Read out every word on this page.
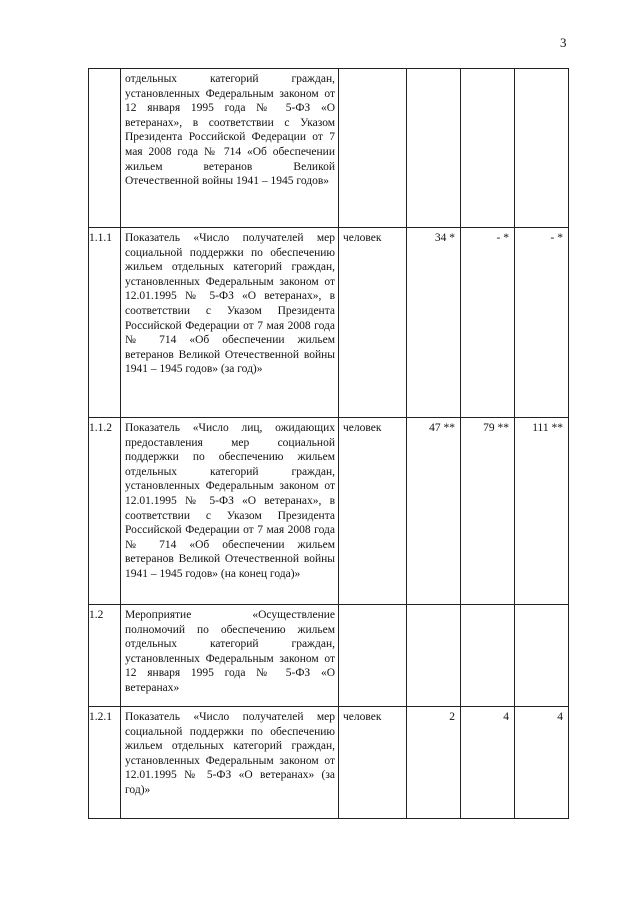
3

	отдельных категорий граждан, установленных Федеральным законом от 12 января 1995 года № 5-ФЗ «О ветеранах», в соответствии с Указом Президента Российской Федерации от 7 мая 2008 года № 714 «Об обеспечении жильем ветеранов Великой Отечественной войны 1941 – 1945 годов»				

1.1.1	Показатель «Число получателей мер социальной поддержки по обеспечению жильем отдельных категорий граждан, установленных Федеральным законом от 12.01.1995 № 5-ФЗ «О ветеранах», в соответствии с Указом Президента Российской Федерации от 7 мая 2008 года № 714 «Об обеспечении жильем ветеранов Великой Отечественной войны 1941 – 1945 годов» (за год)»	человек	34 *	- *	- *
1.1.2	Показатель «Число лиц, ожидающих предоставления мер социальной поддержки по обеспечению жильем отдельных категорий граждан, установленных Федеральным законом от 12.01.1995 № 5-ФЗ «О ветеранах», в соответствии с Указом Президента Российской Федерации от 7 мая 2008 года № 714 «Об обеспечении жильем ветеранов Великой Отечественной войны 1941 – 1945 годов» (на конец года)»	человек	47 **	79 **	111 **
1.2	Мероприятие «Осуществление полномочий по обеспечению жильем отдельных категорий граждан, установленных Федеральным законом от 12 января 1995 года № 5-ФЗ «О ветеранах»				

1.2.1	Показатель «Число получателей мер социальной поддержки по обеспечению жильем отдельных категорий граждан, установленных Федеральным законом от 12.01.1995 № 5-ФЗ «О ветеранах» (за год)»	человек	2	4	4
